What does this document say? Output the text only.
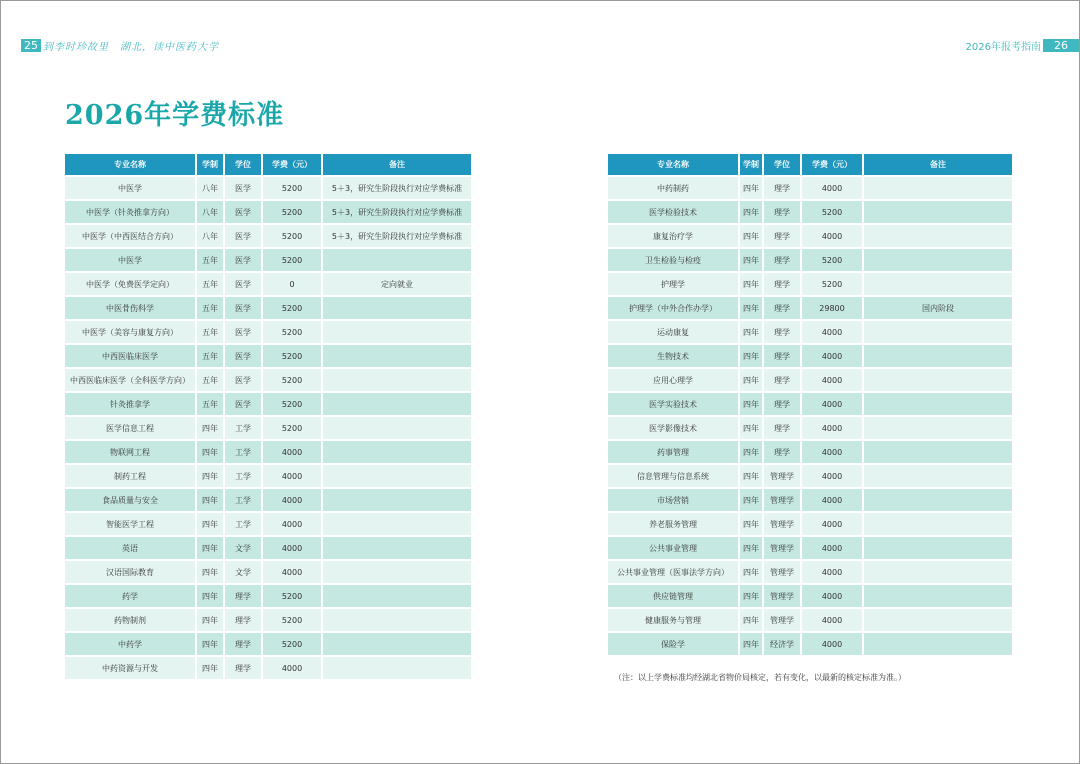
25 到李时珍故里　湖北，读中医药大学	2026年报考指南	26
2026年学费标准
专业名称	学制	学位	学费（元）	备注
中医学	八年	医学	5200	5＋3，研究生阶段执行对应学费标准
中医学（针灸推拿方向）	八年	医学	5200	5＋3，研究生阶段执行对应学费标准
中医学（中西医结合方向）	八年	医学	5200	5＋3，研究生阶段执行对应学费标准
中医学	五年	医学	5200	
中医学（免费医学定向）	五年	医学	0	定向就业
中医骨伤科学	五年	医学	5200	
中医学（美容与康复方向）	五年	医学	5200	
中西医临床医学	五年	医学	5200	
中西医临床医学（全科医学方向）	五年	医学	5200	
针灸推拿学	五年	医学	5200	
医学信息工程	四年	工学	5200	
物联网工程	四年	工学	4000	
制药工程	四年	工学	4000	
食品质量与安全	四年	工学	4000	
智能医学工程	四年	工学	4000	
英语	四年	文学	4000	
汉语国际教育	四年	文学	4000	
药学	四年	理学	5200	
药物制剂	四年	理学	5200	
中药学	四年	理学	5200	
中药资源与开发	四年	理学	4000	
专业名称	学制	学位	学费（元）	备注
中药制药	四年	理学	4000	
医学检验技术	四年	理学	5200	
康复治疗学	四年	理学	4000	
卫生检验与检疫	四年	理学	5200	
护理学	四年	理学	5200	
护理学（中外合作办学）	四年	理学	29800	国内阶段
运动康复	四年	理学	4000	
生物技术	四年	理学	4000	
应用心理学	四年	理学	4000	
医学实验技术	四年	理学	4000	
医学影像技术	四年	理学	4000	
药事管理	四年	理学	4000	
信息管理与信息系统	四年	管理学	4000	
市场营销	四年	管理学	4000	
养老服务管理	四年	管理学	4000	
公共事业管理	四年	管理学	4000	
公共事业管理（医事法学方向）	四年	管理学	4000	
供应链管理	四年	管理学	4000	
健康服务与管理	四年	管理学	4000	
保险学	四年	经济学	4000	
（注：以上学费标准均经湖北省物价局核定，若有变化，以最新的核定标准为准。）
